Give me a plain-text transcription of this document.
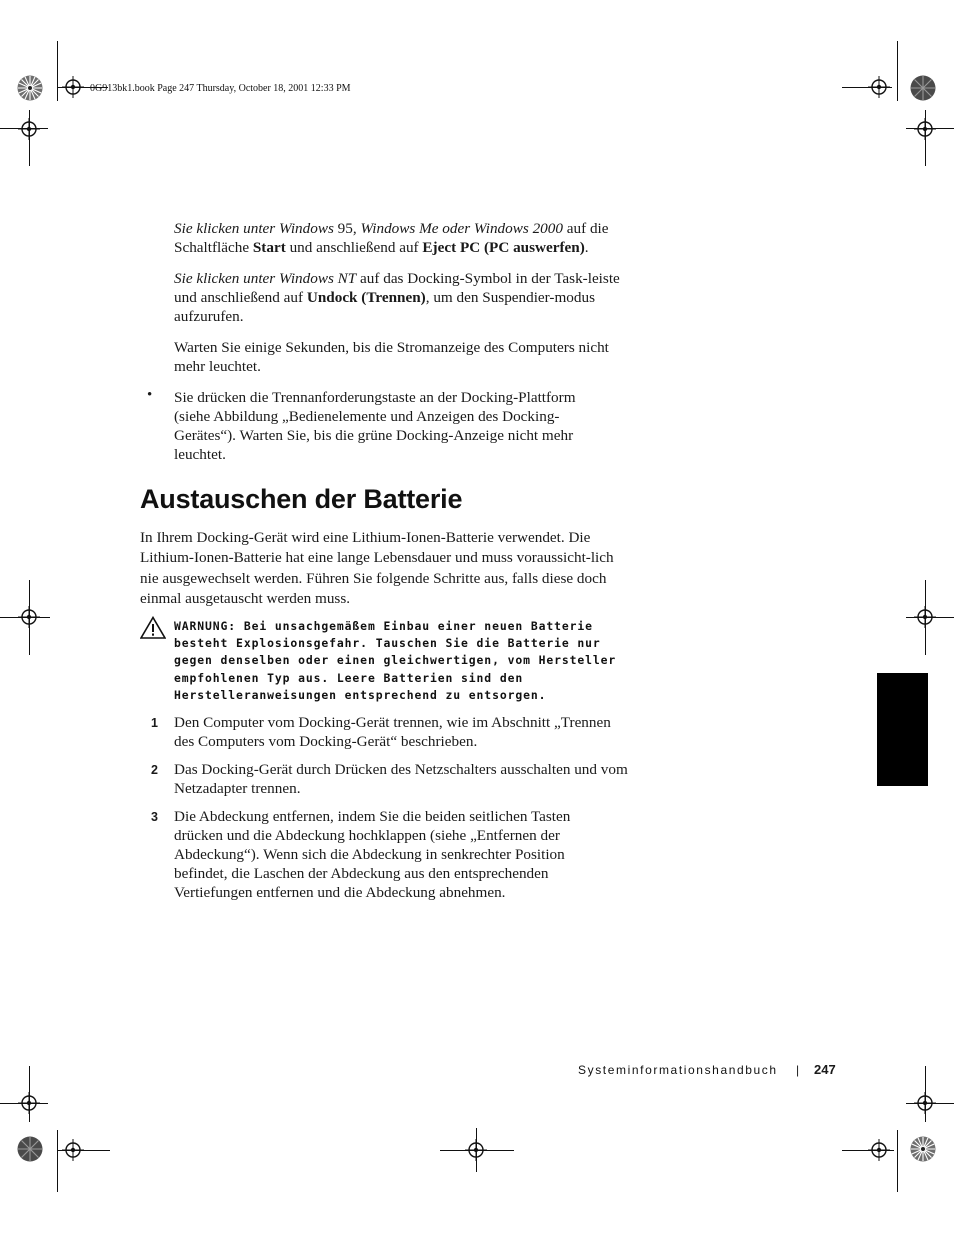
0G913bk1.book Page 247 Thursday, October 18, 2001 12:33 PM

Sie klicken unter Windows 95, Windows Me oder Windows 2000 auf die Schaltfläche Start und anschließend auf Eject PC (PC auswerfen).

Sie klicken unter Windows NT auf das Docking-Symbol in der Task-leiste und anschließend auf Undock (Trennen), um den Suspendier-modus aufzurufen.

Warten Sie einige Sekunden, bis die Stromanzeige des Computers nicht mehr leuchtet.

• Sie drücken die Trennanforderungstaste an der Docking-Plattform (siehe Abbildung „Bedienelemente und Anzeigen des Docking-Gerätes“). Warten Sie, bis die grüne Docking-Anzeige nicht mehr leuchtet.

Austauschen der Batterie

In Ihrem Docking-Gerät wird eine Lithium-Ionen-Batterie verwendet. Die Lithium-Ionen-Batterie hat eine lange Lebensdauer und muss voraussicht-lich nie ausgewechselt werden. Führen Sie folgende Schritte aus, falls diese doch einmal ausgetauscht werden muss.

WARNUNG: Bei unsachgemäßem Einbau einer neuen Batterie besteht Explosionsgefahr. Tauschen Sie die Batterie nur gegen denselben oder einen gleichwertigen, vom Hersteller empfohlenen Typ aus. Leere Batterien sind den Herstelleranweisungen entsprechend zu entsorgen.

1 Den Computer vom Docking-Gerät trennen, wie im Abschnitt „Trennen des Computers vom Docking-Gerät“ beschrieben.

2 Das Docking-Gerät durch Drücken des Netzschalters ausschalten und vom Netzadapter trennen.

3 Die Abdeckung entfernen, indem Sie die beiden seitlichen Tasten drücken und die Abdeckung hochklappen (siehe „Entfernen der Abdeckung“). Wenn sich die Abdeckung in senkrechter Position befindet, die Laschen der Abdeckung aus den entsprechenden Vertiefungen entfernen und die Abdeckung abnehmen.

Systeminformationshandbuch | 247
